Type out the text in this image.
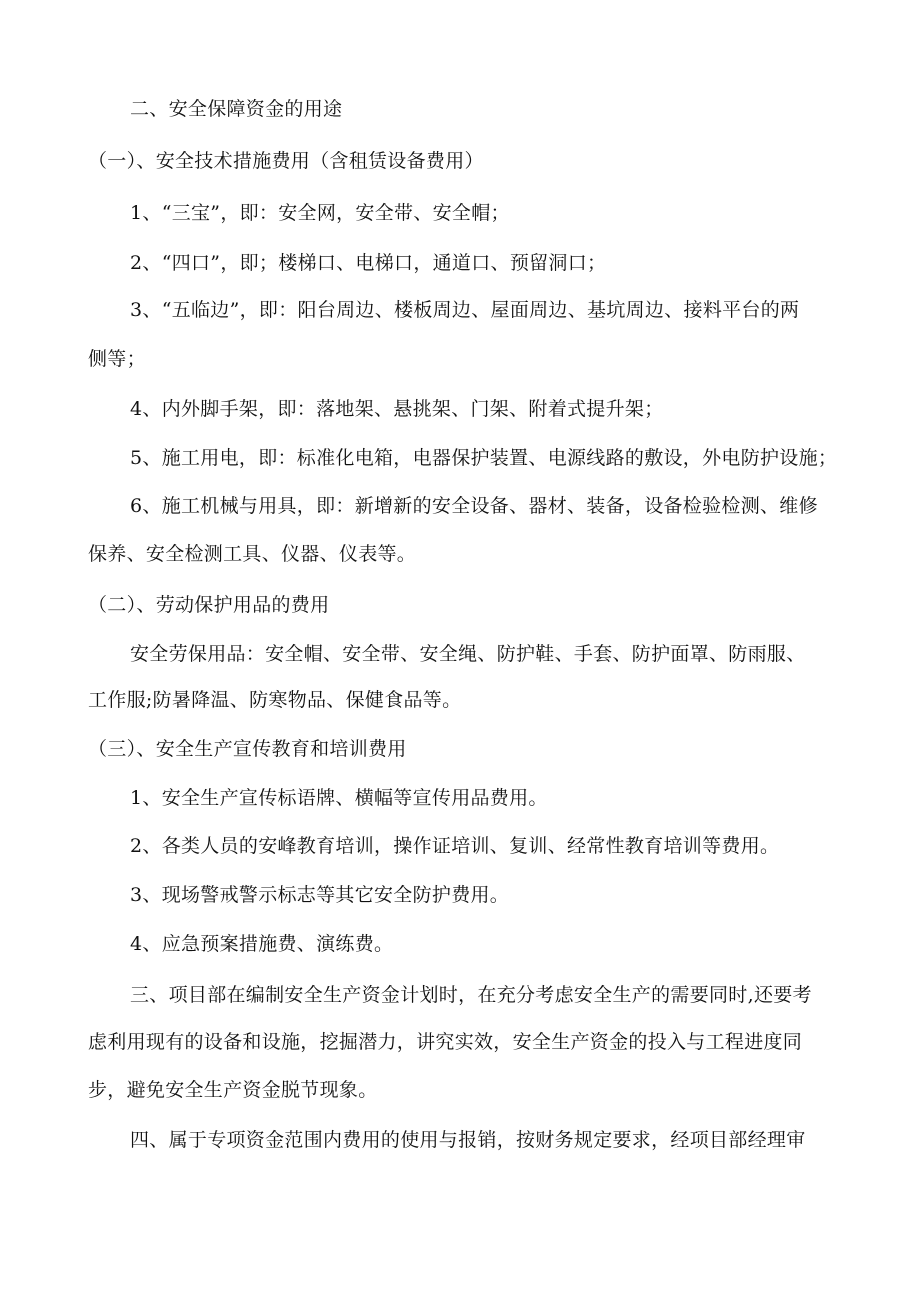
二、安全保障资金的用途
（一）、安全技术措施费用（含租赁设备费用）
1、“三宝”，即：安全网，安全带、安全帽；
2、“四口”，即；楼梯口、电梯口，通道口、预留洞口；
3、“五临边”，即：阳台周边、楼板周边、屋面周边、基坑周边、接料平台的两
侧等；
4、内外脚手架，即：落地架、悬挑架、门架、附着式提升架；
5、施工用电，即：标准化电箱，电器保护装置、电源线路的敷设，外电防护设施；
6、施工机械与用具，即：新增新的安全设备、器材、装备，设备检验检测、维修
保养、安全检测工具、仪器、仪表等。
（二）、劳动保护用品的费用
安全劳保用品：安全帽、安全带、安全绳、防护鞋、手套、防护面罩、防雨服、
工作服;防暑降温、防寒物品、保健食品等。
（三）、安全生产宣传教育和培训费用
1、安全生产宣传标语牌、横幅等宣传用品费用。
2、各类人员的安峰教育培训，操作证培训、复训、经常性教育培训等费用。
3、现场警戒警示标志等其它安全防护费用。
4、应急预案措施费、演练费。
三、项目部在编制安全生产资金计划时，在充分考虑安全生产的需要同时,还要考
虑利用现有的设备和设施，挖掘潜力，讲究实效，安全生产资金的投入与工程进度同
步，避免安全生产资金脱节现象。
四、属于专项资金范围内费用的使用与报销，按财务规定要求，经项目部经理审
